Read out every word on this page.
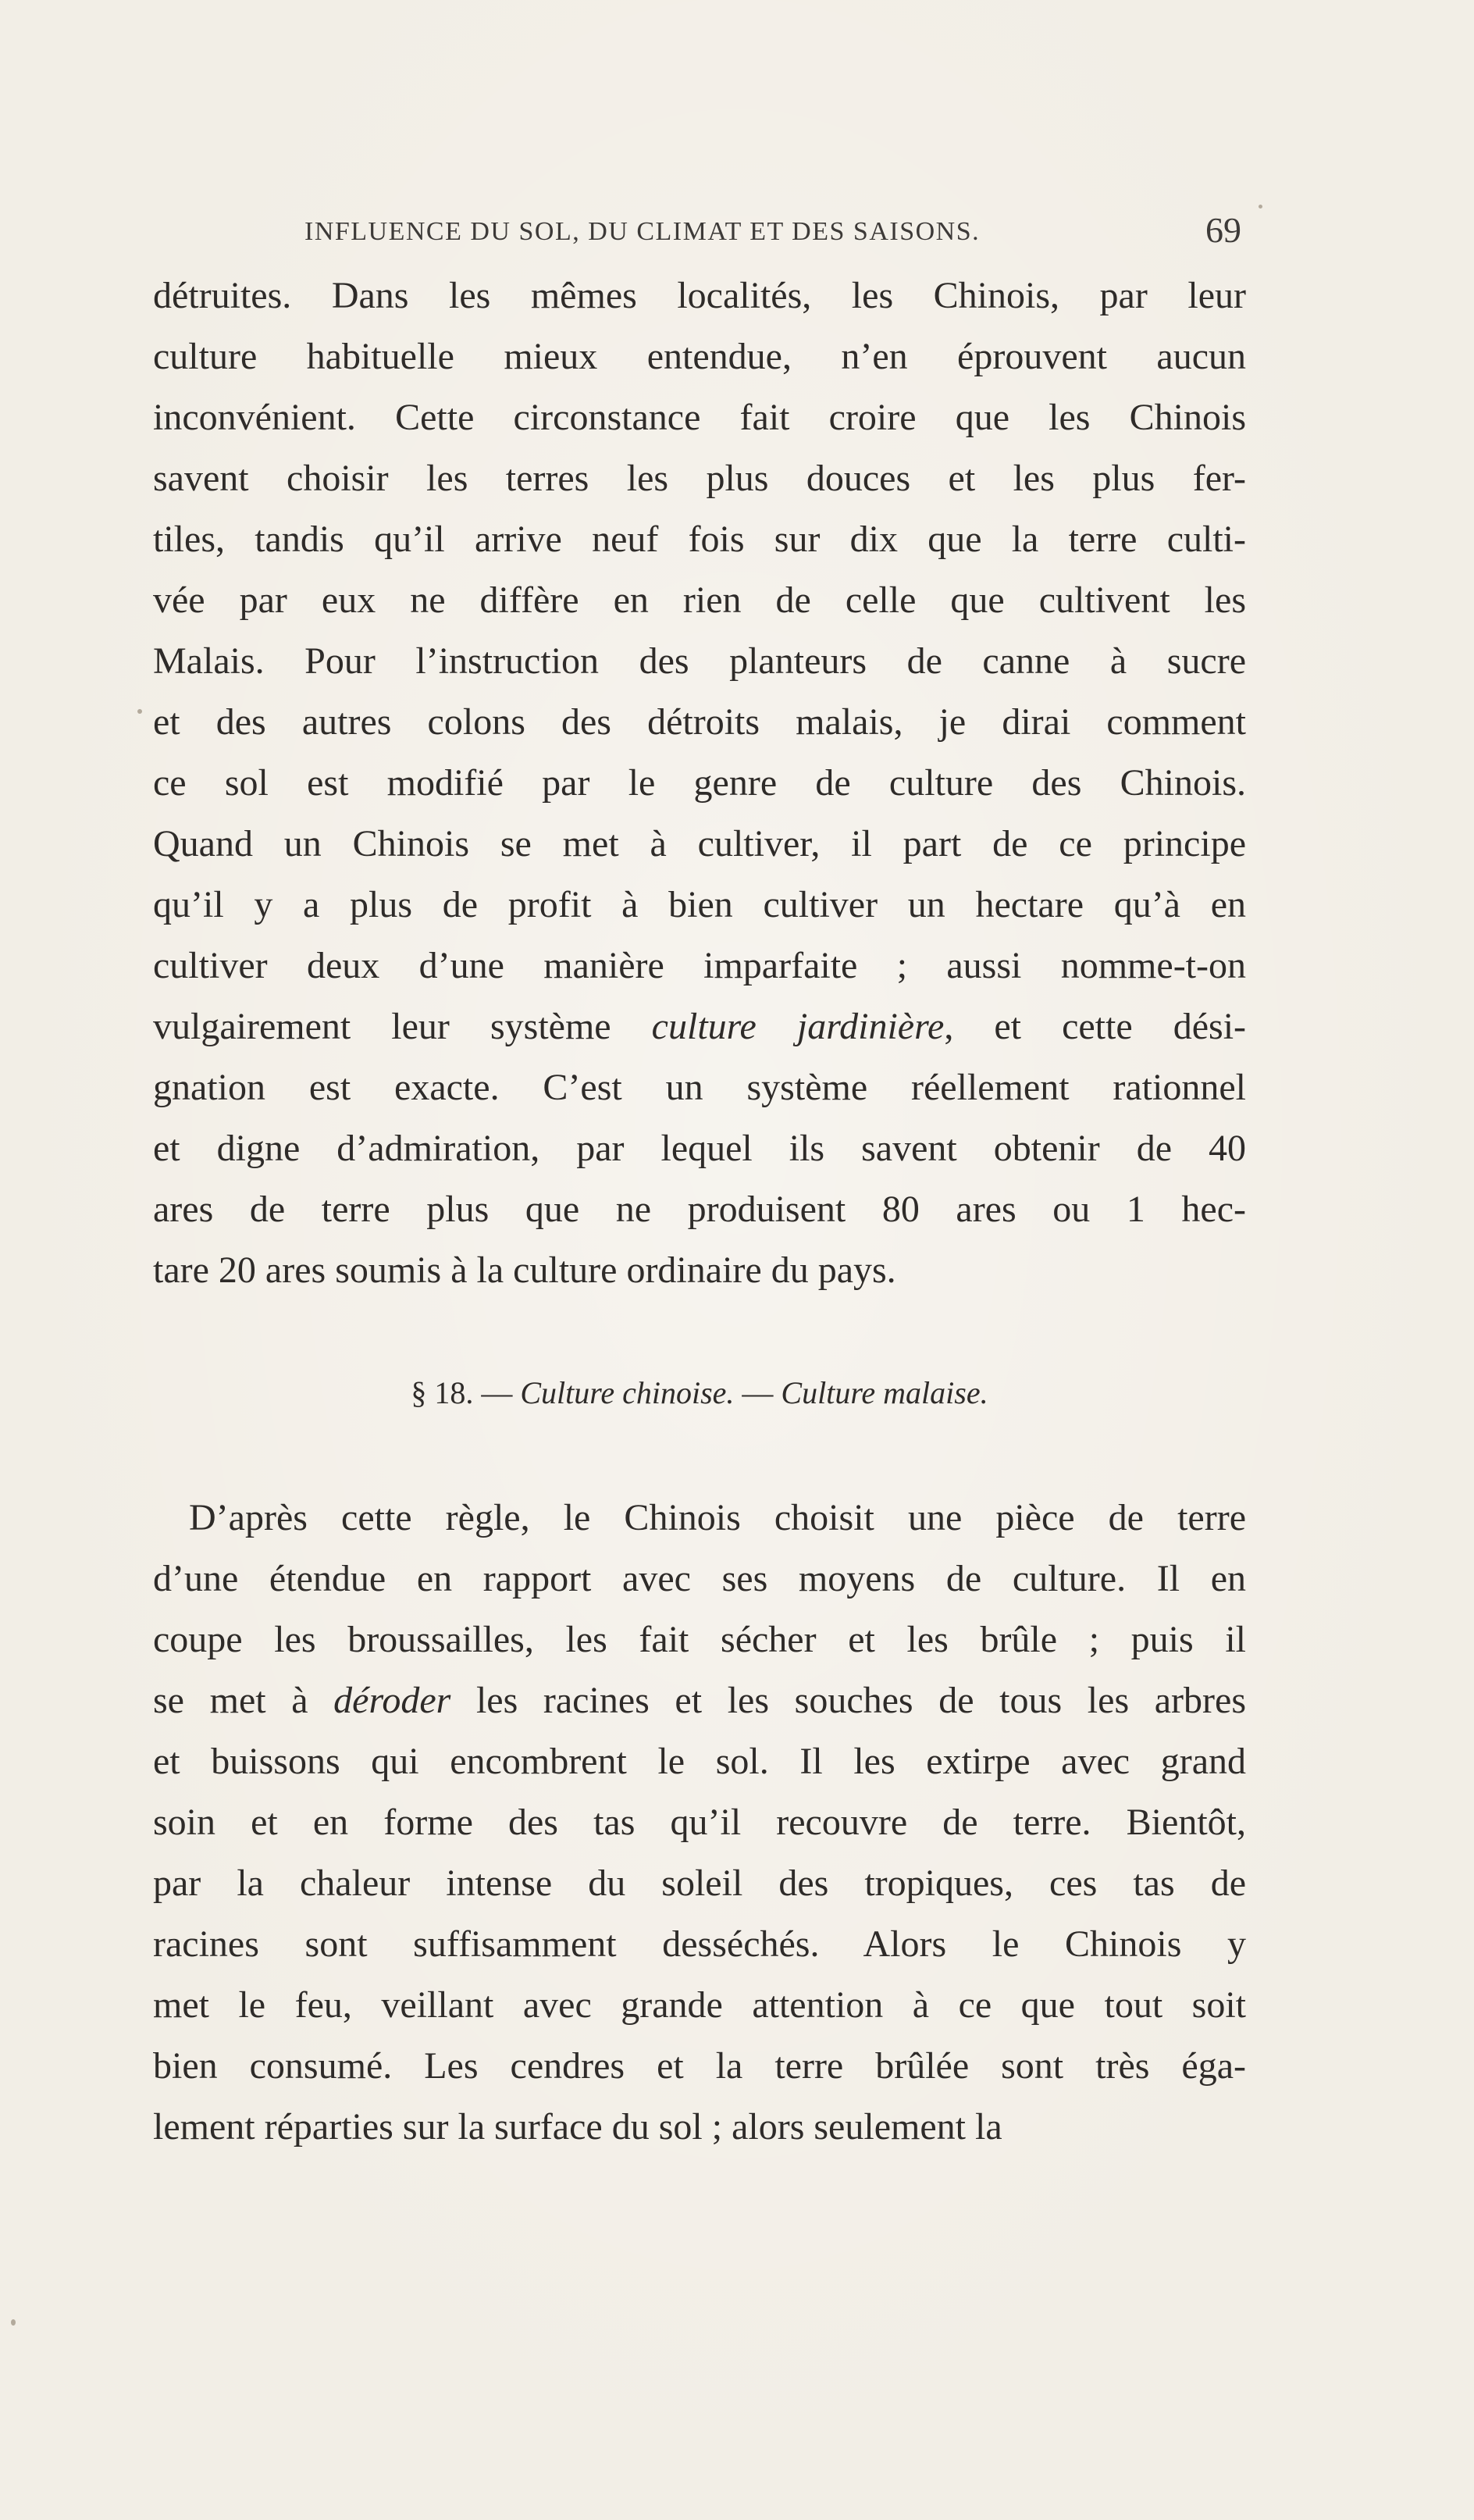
INFLUENCE DU SOL, DU CLIMAT ET DES SAISONS.	69
détruites. Dans les mêmes localités, les Chinois, par leur
culture habituelle mieux entendue, n’en éprouvent aucun
inconvénient. Cette circonstance fait croire que les Chinois
savent choisir les terres les plus douces et les plus fer-
tiles, tandis qu’il arrive neuf fois sur dix que la terre culti-
vée par eux ne diffère en rien de celle que cultivent les
Malais. Pour l’instruction des planteurs de canne à sucre
et des autres colons des détroits malais, je dirai comment
ce sol est modifié par le genre de culture des Chinois.
Quand un Chinois se met à cultiver, il part de ce principe
qu’il y a plus de profit à bien cultiver un hectare qu’à en
cultiver deux d’une manière imparfaite ; aussi nomme-t-on
vulgairement leur système culture jardinière, et cette dési-
gnation est exacte. C’est un système réellement rationnel
et digne d’admiration, par lequel ils savent obtenir de 40
ares de terre plus que ne produisent 80 ares ou 1 hec-
tare 20 ares soumis à la culture ordinaire du pays.
§ 18. — Culture chinoise. — Culture malaise.
D’après cette règle, le Chinois choisit une pièce de terre
d’une étendue en rapport avec ses moyens de culture. Il en
coupe les broussailles, les fait sécher et les brûle ; puis il
se met à déroder les racines et les souches de tous les arbres
et buissons qui encombrent le sol. Il les extirpe avec grand
soin et en forme des tas qu’il recouvre de terre. Bientôt,
par la chaleur intense du soleil des tropiques, ces tas de
racines sont suffisamment desséchés. Alors le Chinois y
met le feu, veillant avec grande attention à ce que tout soit
bien consumé. Les cendres et la terre brûlée sont très éga-
lement réparties sur la surface du sol ; alors seulement la
